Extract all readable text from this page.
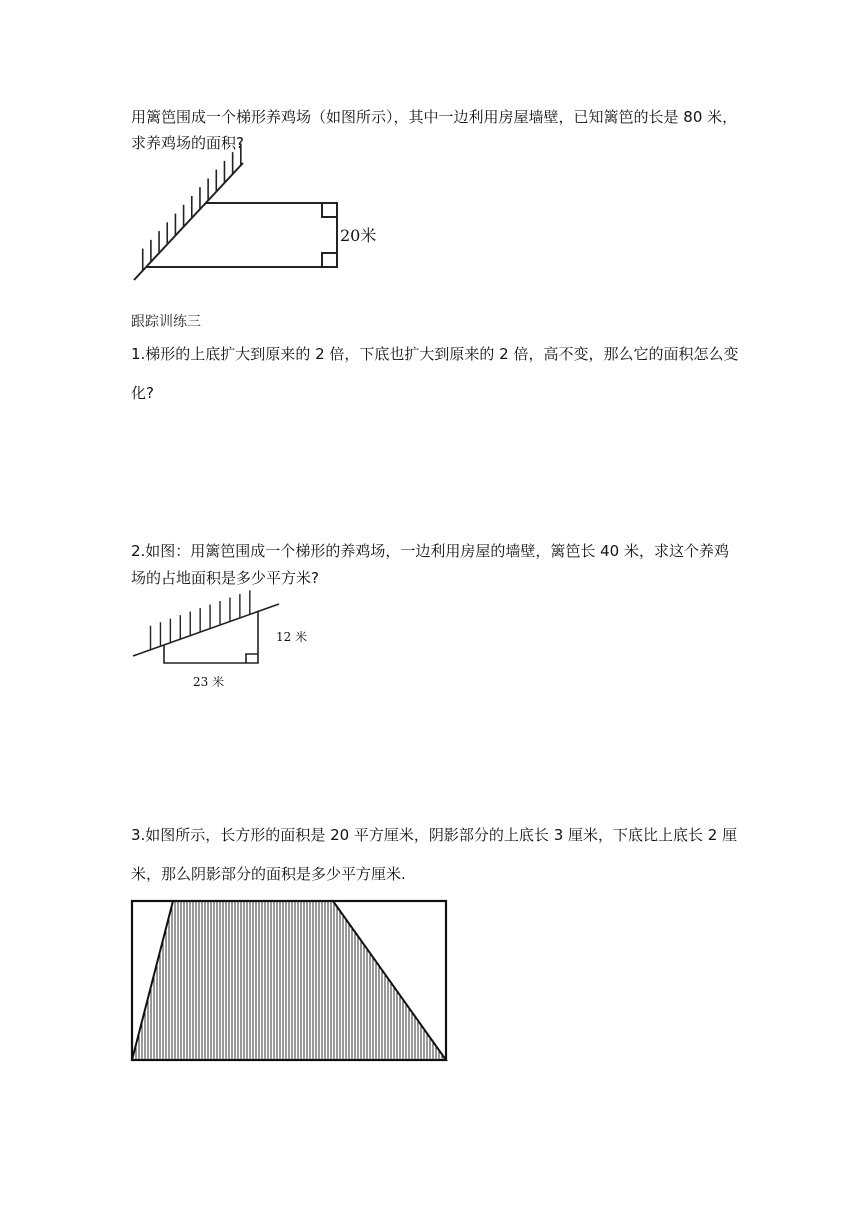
用篱笆围成一个梯形养鸡场（如图所示），其中一边利用房屋墙壁，已知篱笆的长是 80 米，
求养鸡场的面积?
20米
跟踪训练三
1.梯形的上底扩大到原来的 2 倍，下底也扩大到原来的 2 倍，高不变，那么它的面积怎么变
化?
2.如图：用篱笆围成一个梯形的养鸡场，一边利用房屋的墙壁，篱笆长 40 米，求这个养鸡
场的占地面积是多少平方米?
12 米
23 米
3.如图所示，长方形的面积是 20 平方厘米，阴影部分的上底长 3 厘米，下底比上底长 2 厘
米，那么阴影部分的面积是多少平方厘米.
